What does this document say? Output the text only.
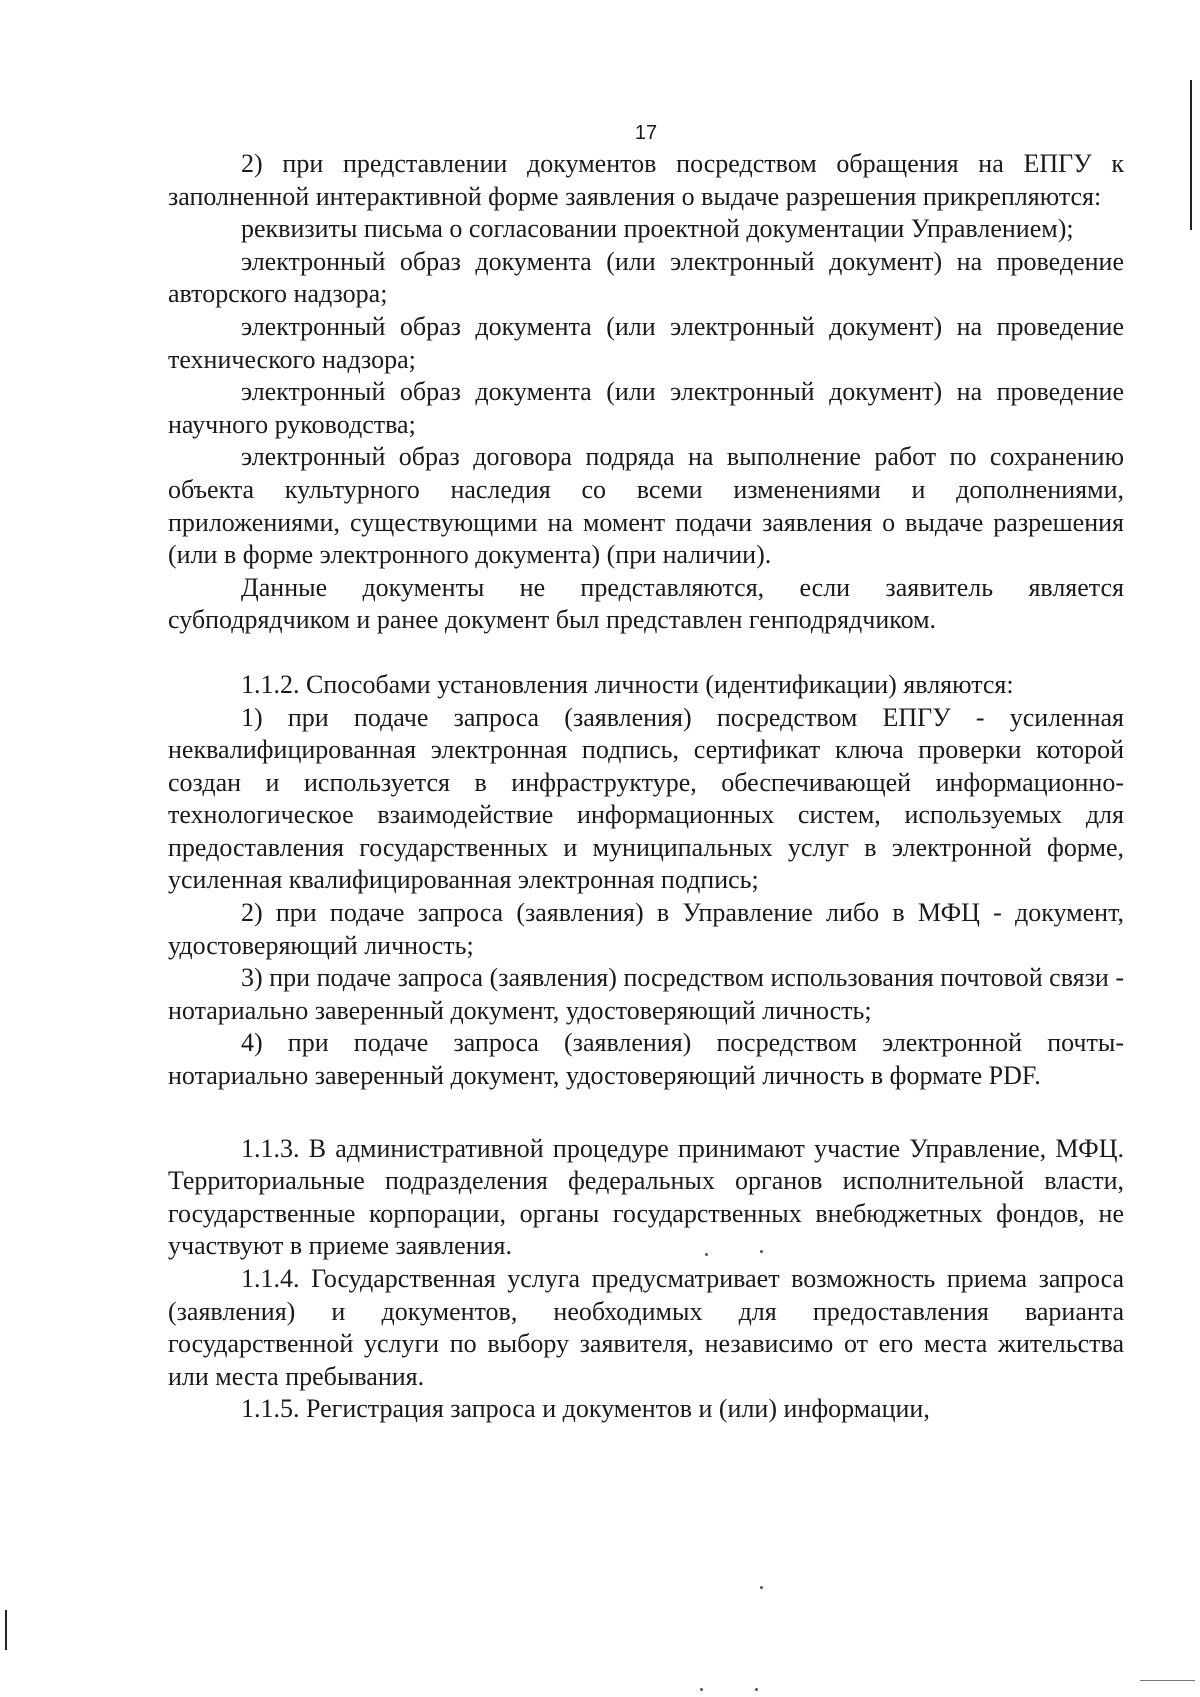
17

2) при представлении документов посредством обращения на ЕПГУ к заполненной интерактивной форме заявления о выдаче разрешения прикрепляются:

реквизиты письма о согласовании проектной документации Управлением);

электронный образ документа (или электронный документ) на проведение авторского надзора;

электронный образ документа (или электронный документ) на проведение технического надзора;

электронный образ документа (или электронный документ) на проведение научного руководства;

электронный образ договора подряда на выполнение работ по сохранению объекта культурного наследия со всеми изменениями и дополнениями, приложениями, существующими на момент подачи заявления о выдаче разрешения (или в форме электронного документа) (при наличии).

Данные документы не представляются, если заявитель является субподрядчиком и ранее документ был представлен генподрядчиком.

1.1.2. Способами установления личности (идентификации) являются:

1) при подаче запроса (заявления) посредством ЕПГУ - усиленная неквалифицированная электронная подпись, сертификат ключа проверки которой создан и используется в инфраструктуре, обеспечивающей информационно-технологическое взаимодействие информационных систем, используемых для предоставления государственных и муниципальных услуг в электронной форме, усиленная квалифицированная электронная подпись;

2) при подаче запроса (заявления) в Управление либо в МФЦ - документ, удостоверяющий личность;

3) при подаче запроса (заявления) посредством использования почтовой связи - нотариально заверенный документ, удостоверяющий личность;

4) при подаче запроса (заявления) посредством электронной почты- нотариально заверенный документ, удостоверяющий личность в формате PDF.

1.1.3. В административной процедуре принимают участие Управление, МФЦ. Территориальные подразделения федеральных органов исполнительной власти, государственные корпорации, органы государственных внебюджетных фондов, не участвуют в приеме заявления.

1.1.4. Государственная услуга предусматривает возможность приема запроса (заявления) и документов, необходимых для предоставления варианта государственной услуги по выбору заявителя, независимо от его места жительства или места пребывания.

1.1.5. Регистрация запроса и документов и (или) информации,
